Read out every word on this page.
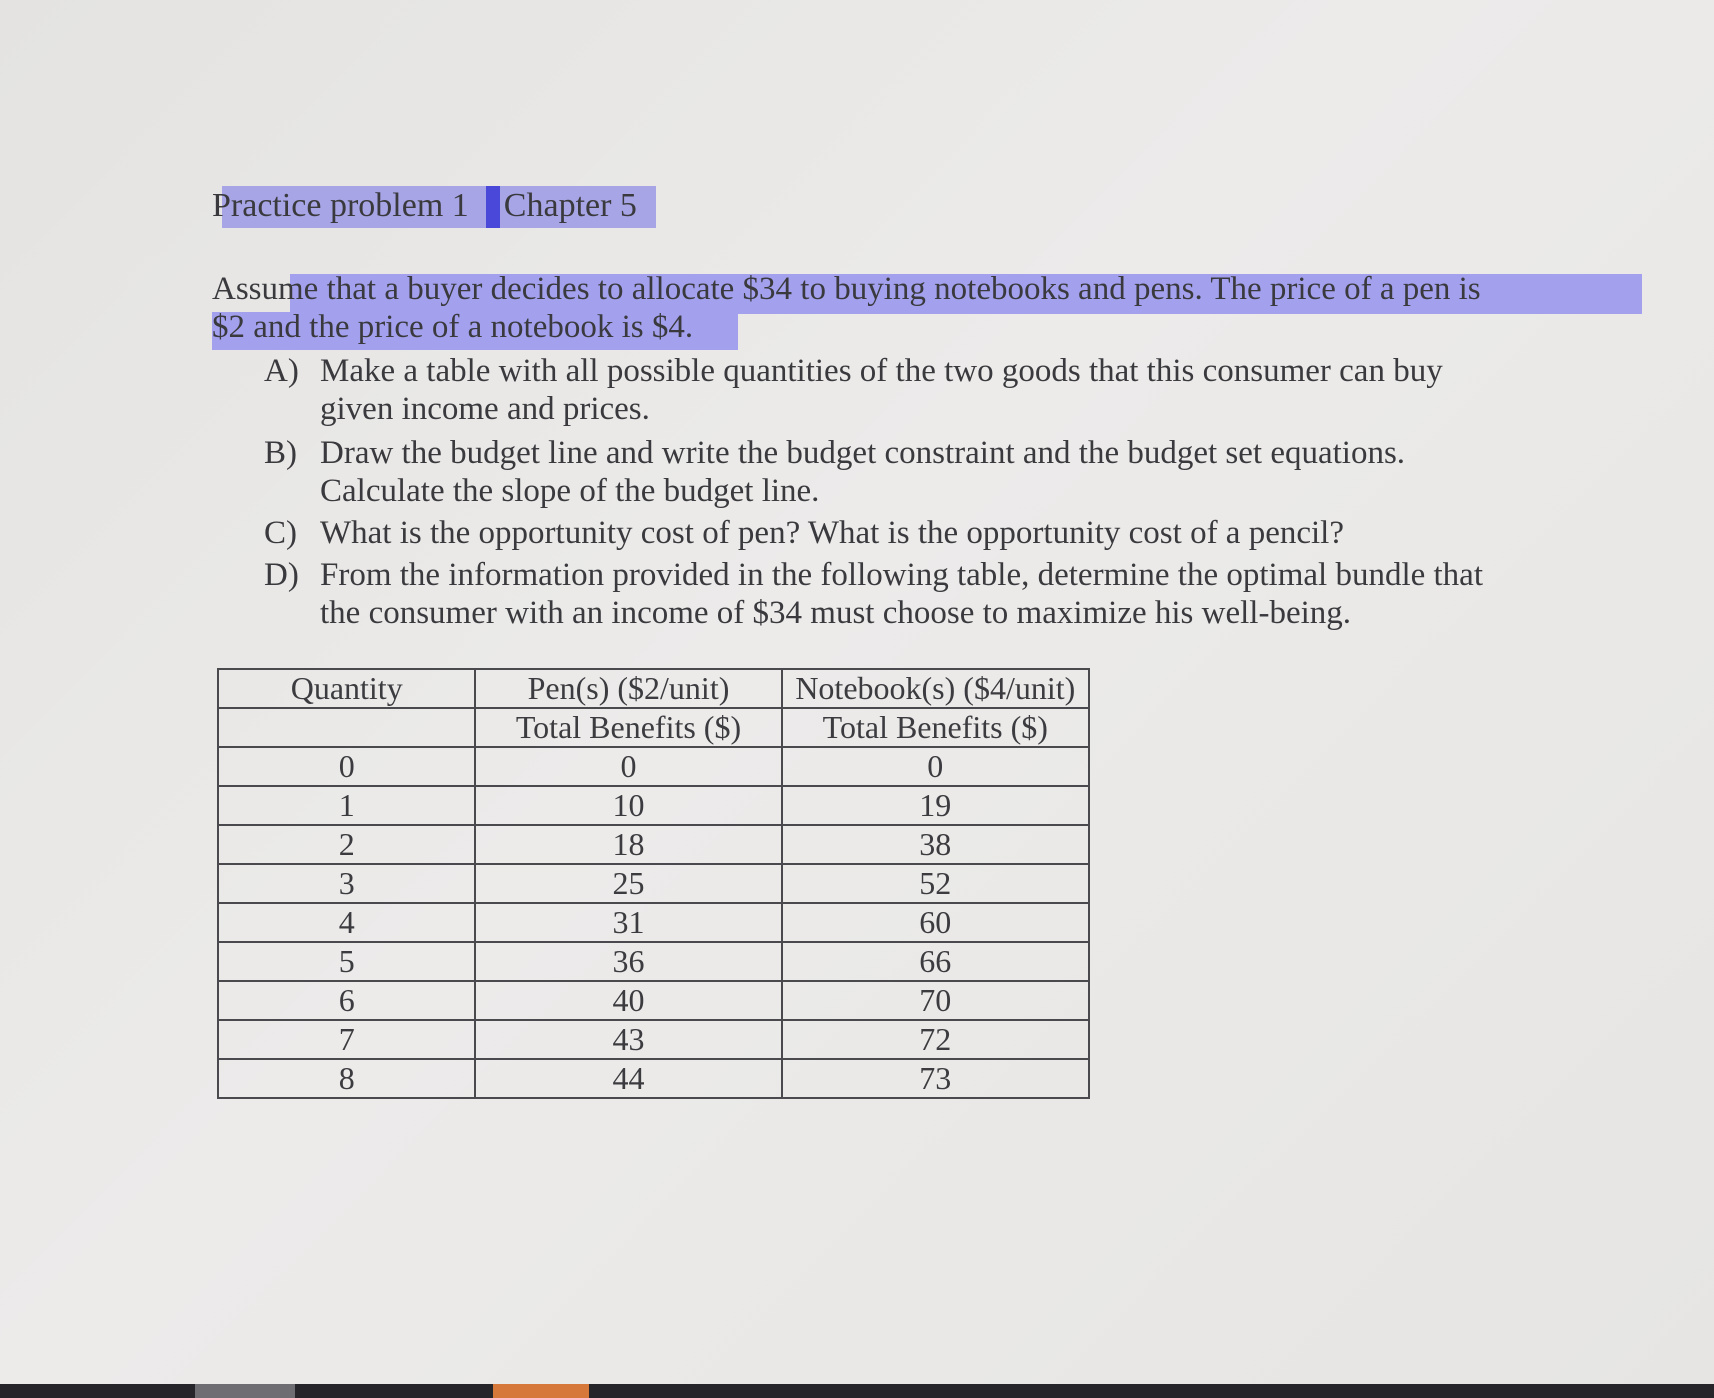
Practice problem 1 Chapter 5
Assume that a buyer decides to allocate $34 to buying notebooks and pens. The price of a pen is
$2 and the price of a notebook is $4.
A) Make a table with all possible quantities of the two goods that this consumer can buy
given income and prices.
B) Draw the budget line and write the budget constraint and the budget set equations.
Calculate the slope of the budget line.
C) What is the opportunity cost of pen? What is the opportunity cost of a pencil?
D) From the information provided in the following table, determine the optimal bundle that
the consumer with an income of $34 must choose to maximize his well-being.
Quantity	Pen(s) ($2/unit)	Notebook(s) ($4/unit)
	Total Benefits ($)	Total Benefits ($)
0	0	0
1	10	19
2	18	38
3	25	52
4	31	60
5	36	66
6	40	70
7	43	72
8	44	73
